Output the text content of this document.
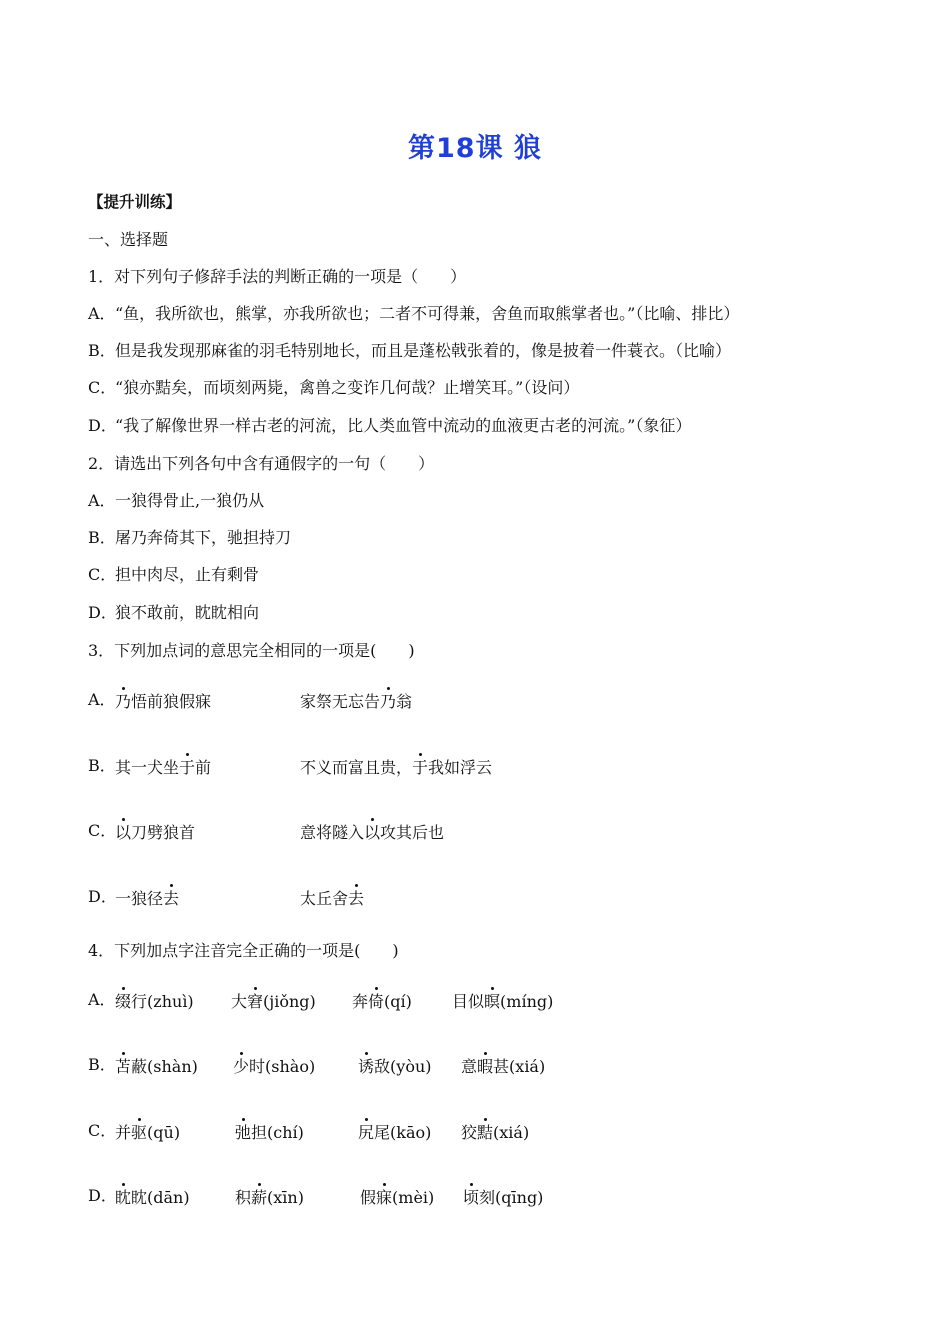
第18课 狼
【提升训练】
一、选择题
1．对下列句子修辞手法的判断正确的一项是（　　）
A．“鱼，我所欲也，熊掌，亦我所欲也；二者不可得兼，舍鱼而取熊掌者也。”（比喻、排比）
B．但是我发现那麻雀的羽毛特别地长，而且是蓬松戟张着的，像是披着一件蓑衣。（比喻）
C．“狼亦黠矣，而顷刻两毙，禽兽之变诈几何哉？止增笑耳。”（设问）
D．“我了解像世界一样古老的河流，比人类血管中流动的血液更古老的河流。”（象征）
2．请选出下列各句中含有通假字的一句（　　）
A．一狼得骨止,一狼仍从
B．屠乃奔倚其下，驰担持刀
C．担中肉尽，止有剩骨
D．狼不敢前，眈眈相向
3．下列加点词的意思完全相同的一项是(　　)
A． 乃悟前狼假寐	家祭无忘告乃翁
B． 其一犬坐于前	不义而富且贵，于我如浮云
C．
以刀劈狼首	意将隧入以攻其后也
D．
一狼径去	太丘舍去
4．下列加点字注音完全正确的一项是(　　)
A． 缀行(zhuì) 大窘(jiǒng) 奔倚(qí)	目似瞑(míng)
B． 苫蔽(shàn) 少时(shào)	诱敌(yòu) 意暇甚(xiá)
C．
并驱(qū)	弛担(chí)	尻尾(kāo) 狡黠(xiá)
D．
眈眈(dān)	积薪(xīn)	假寐(mèi) 顷刻(qīng)
